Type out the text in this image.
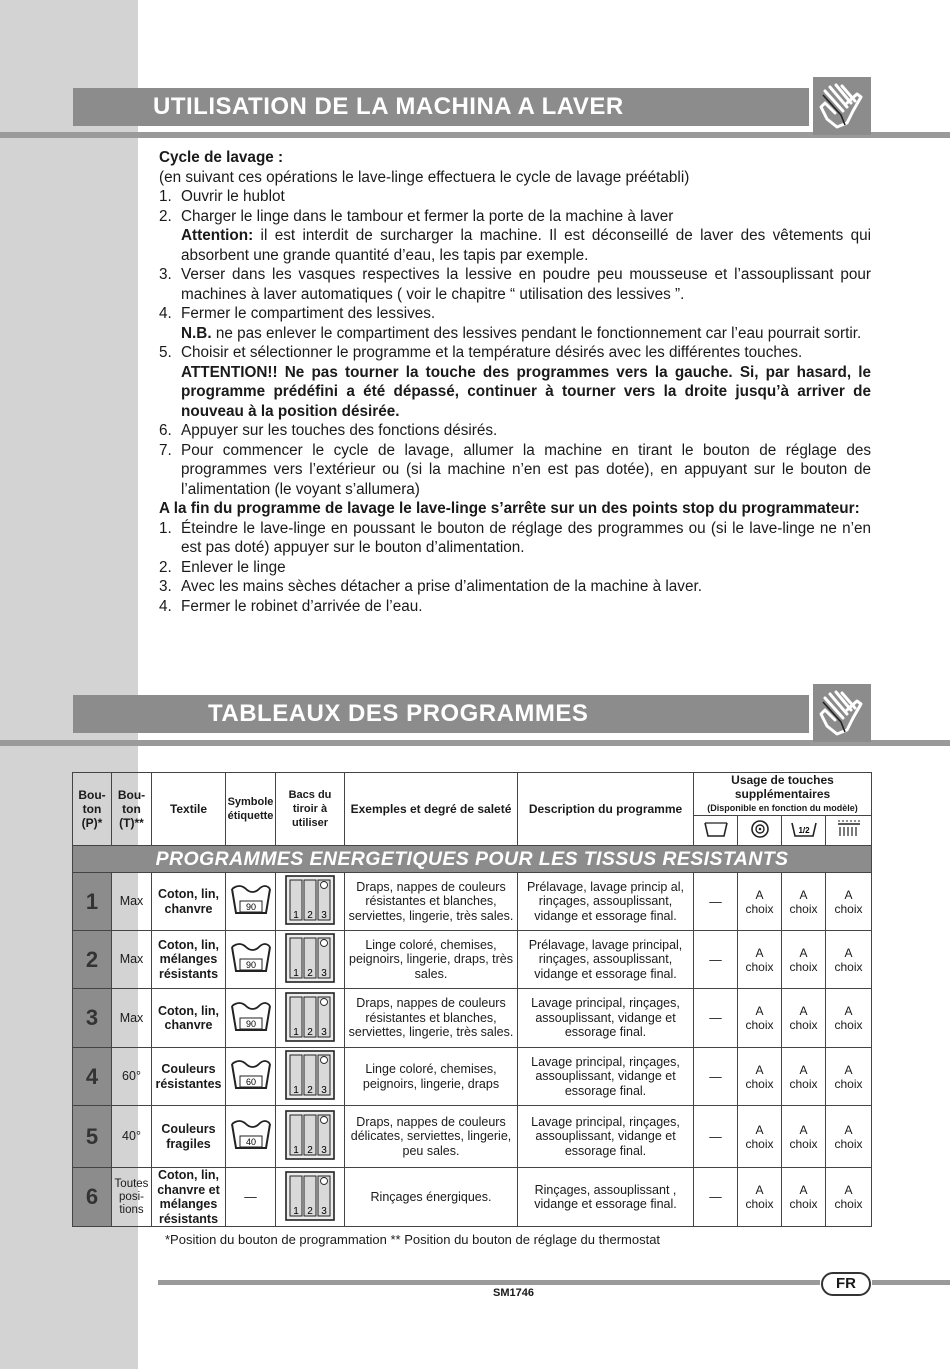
UTILISATION DE LA MACHINA A LAVER

Cycle de lavage :

(en suivant ces opérations le lave-linge effectuera le cycle de lavage préétabli)

1. Ouvrir le hublot
2. Charger le linge dans le tambour et fermer la porte de la machine à laver
Attention: il est interdit de surcharger la machine. Il est déconseillé de laver des vêtements qui absorbent une grande quantité d’eau, les tapis par exemple.
3. Verser dans les vasques respectives la lessive en poudre peu mousseuse et l’assouplissant pour machines à laver automatiques ( voir le chapitre “ utilisation des lessives ”.
4. Fermer le compartiment des lessives.
N.B. ne pas enlever le compartiment des lessives pendant le fonctionnement car l’eau pourrait sortir.
5. Choisir et sélectionner le programme et la température désirés avec les différentes touches.
ATTENTION!! Ne pas tourner la touche des programmes vers la gauche. Si, par hasard, le programme prédéfini a été dépassé, continuer à tourner vers la droite jusqu’à arriver de nouveau à la position désirée.
6. Appuyer sur les touches des fonctions désirés.
7. Pour commencer le cycle de lavage, allumer la machine en tirant le bouton de réglage des programmes vers l’extérieur ou (si la machine n’en est pas dotée), en appuyant sur le bouton de l’alimentation (le voyant s’allumera)

A la fin du programme de lavage le lave-linge s’arrête sur un des points stop du programmateur:

1. Éteindre le lave-linge en poussant le bouton de réglage des programmes ou (si le lave-linge ne n’en est pas doté) appuyer sur le bouton d’alimentation.
2. Enlever le linge
3. Avec les mains sèches détacher a prise d’alimentation de la machine à laver.
4. Fermer le robinet d’arrivée de l’eau.
TABLEAUX DES PROGRAMMES
Bou-ton (P)*	Bou-ton (T)**	Textile	Symbole étiquette	Bacs du tiroir à utiliser	Exemples et degré de saleté	Description du programme	Usage de touches supplémentaires
(Disponible en fonction du modèle)			

1/2

PROGRAMMES ENERGETIQUES POUR LES TISSUS RESISTANTS										
1	Max	Coton, lin, chanvre	90	1 2 3	Draps, nappes de couleurs résistantes et blanches, serviettes, lingerie, très sales.	Prélavage, lavage princip al, rinçages, assouplissant, vidange et essorage final.	—	A
choix	A
choix	A
choix

2	Max	Coton, lin, mélanges résistants	90	1 2 3	Linge coloré, chemises, peignoirs, lingerie, draps, très sales.	Prélavage, lavage principal, rinçages, assouplissant, vidange et essorage final.	—	A
choix	A
choix	A
choix

3	Max	Coton, lin, chanvre	90	1 2 3	Draps, nappes de couleurs résistantes et blanches, serviettes, lingerie, très sales.	Lavage principal, rinçages, assouplissant, vidange et essorage final.	—	A
choix	A
choix	A
choix

4	60°	Couleurs résistantes	60	1 2 3	Linge coloré, chemises, peignoirs, lingerie, draps	Lavage principal, rinçages, assouplissant, vidange et essorage final.	—	A
choix	A
choix	A
choix

5	40°	Couleurs fragiles	40	1 2 3	Draps, nappes de couleurs délicates, serviettes, lingerie, peu sales.	Lavage principal, rinçages, assouplissant, vidange et essorage final.	—	A
choix	A
choix	A
choix

6	Toutes posi-tions	Coton, lin, chanvre et mélanges résistants	—	1 2 3	Rinçages énergiques.	Rinçages, assouplissant , vidange et essorage final.	—	A
choix	A
choix	A
choix
*Position du bouton de programmation ** Position du bouton de réglage du thermostat
FR
SM1746
